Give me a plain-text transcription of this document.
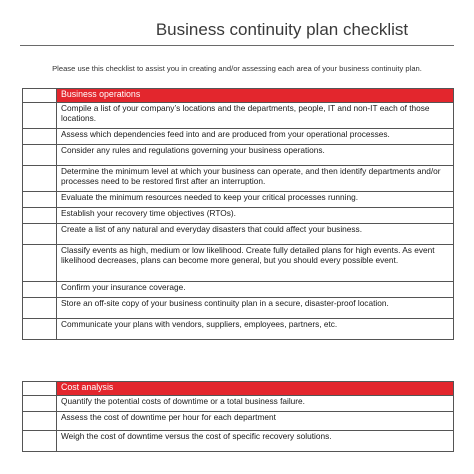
Business continuity plan checklist
Please use this checklist to assist you in creating and/or assessing each area of your business continuity plan.
	Business operations
	Compile a list of your company’s locations and the departments, people, IT and non-IT each of those locations.
	Assess which dependencies feed into and are produced from your operational processes.
	Consider any rules and regulations governing your business operations.
	Determine the minimum level at which your business can operate, and then identify departments and/or processes need to be restored first after an interruption.
	Evaluate the minimum resources needed to keep your critical processes running.
	Establish your recovery time objectives (RTOs).
	Create a list of any natural and everyday disasters that could affect your business.
	Classify events as high, medium or low likelihood. Create fully detailed plans for high events. As event likelihood decreases, plans can become more general, but you should every possible event.
	Confirm your insurance coverage.
	Store an off-site copy of your business continuity plan in a secure, disaster-proof location.
	Communicate your plans with vendors, suppliers, employees, partners, etc.
	Cost analysis
	Quantify the potential costs of downtime or a total business failure.
	Assess the cost of downtime per hour for each department
	Weigh the cost of downtime versus the cost of specific recovery solutions.
